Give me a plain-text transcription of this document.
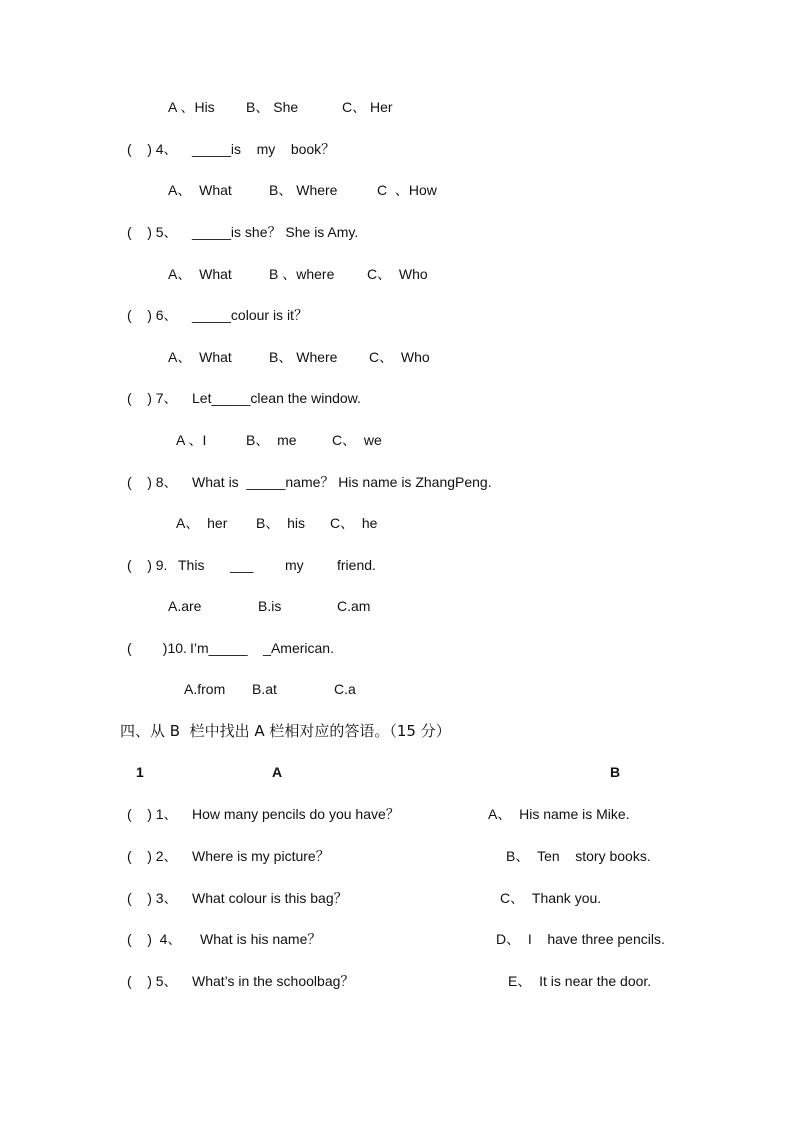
A 、His B、 She	C、 Her
(    ) 4、 _____is    my    book？
A、  What	B、 Where	C  、How
(    ) 5、 _____is she？ She is Amy.
A、  What	B 、where C、  Who
(    ) 6、 _____colour is it？
A、  What	B、 Where C、  Who
(    ) 7、 Let_____clean the window.
A 、I	B、  me	C、  we
(    ) 8、 What is  _____name？ His name is ZhangPeng.
A、  her B、  his C、  he
(    ) 9. This ___ my friend.
A.are	B.is	C.am
(        )10. I’m_____    _American.
A.from B.at	C.a
四、从 B  栏中找出 A 栏相对应的答语。（15 分）
1	A	B
(    ) 1、 How many pencils do you have？	A、  His name is Mike.
(    ) 2、 Where is my picture？	B、  Ten    story books.
(    ) 3、 What colour is this bag？	C、  Thank you.
(    )  4、 What is his name？	D、  I    have three pencils.
(    ) 5、 What’s in the schoolbag？	E、  It is near the door.
